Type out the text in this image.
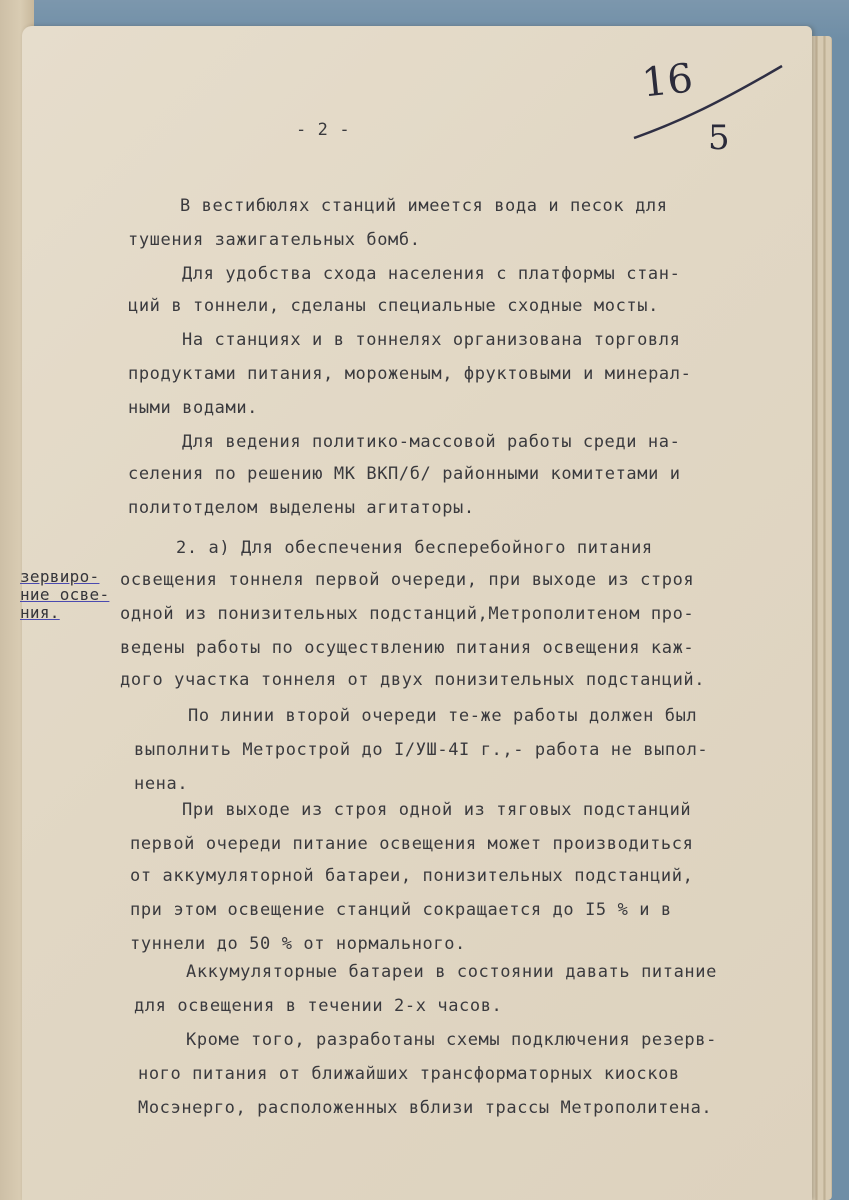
16
5
- 2 -
зервиро-
ние осве-
ния.
В вестибюлях станций имеется вода и песок для
тушения зажигательных бомб.
Для удобства схода населения с платформы стан-
ций в тоннели, сделаны специальные сходные мосты.
На станциях и в тоннелях организована торговля
продуктами питания, мороженым, фруктовыми и минерал-
ными водами.
Для ведения политико-массовой работы среди на-
селения по решению МК ВКП/б/ районными комитетами и
политотделом выделены агитаторы.
2. а) Для обеспечения бесперебойного питания
освещения тоннеля первой очереди, при выходе из строя
одной из понизительных подстанций,Метрополитеном про-
ведены работы по осуществлению питания освещения каж-
дого участка тоннеля от двух понизительных подстанций.
По линии второй очереди те-же работы должен был
выполнить Метрострой до I/УШ-4I г.,- работа не выпол-
нена.
При выходе из строя одной из тяговых подстанций
первой очереди питание освещения может производиться
от аккумуляторной батареи, понизительных подстанций,
при этом освещение станций сокращается до I5 % и в
туннели до 50 % от нормального.
Аккумуляторные батареи в состоянии давать питание
для освещения в течении 2-х часов.
Кроме того, разработаны схемы подключения резерв-
ного питания от ближайших трансформаторных киосков
Мосэнерго, расположенных вблизи трассы Метрополитена.
